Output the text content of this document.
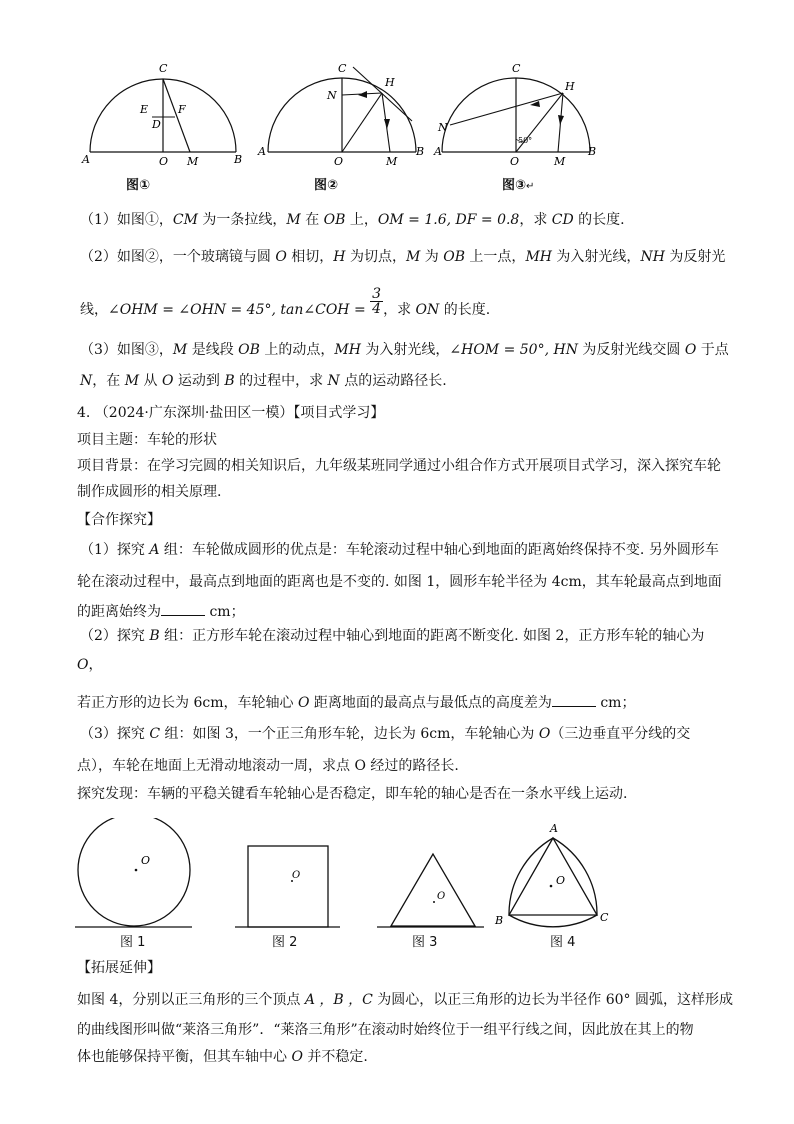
C
E	F
D
A	O M	B
C
H
N
A
O	M
B
50°
C
H
N
A
O	M
B
图①	图②	图③↵
（1）如图①，CM 为一条拉线，M 在 OB 上，OM = 1.6, DF = 0.8，求 CD 的长度.
（2）如图②，一个玻璃镜与圆 O 相切，H 为切点，M 为 OB 上一点，MH 为入射光线，NH 为反射光
线，∠OHM = ∠OHN = 45°, tan∠COH = $\frac{3}{4}$ ，求 ON 的长度.
（3）如图③，M 是线段 OB 上的动点，MH 为入射光线，∠HOM = 50°, HN 为反射光线交圆 O 于点
N，在 M 从 O 运动到 B 的过程中，求 N 点的运动路径长.
4. （2024·广东深圳·盐田区一模）【项目式学习】
项目主题：车轮的形状
项目背景：在学习完圆的相关知识后，九年级某班同学通过小组合作方式开展项目式学习，深入探究车轮
制作成圆形的相关原理.
【合作探究】
（1）探究 A 组：车轮做成圆形的优点是：车轮滚动过程中轴心到地面的距离始终保持不变. 另外圆形车
轮在滚动过程中，最高点到地面的距离也是不变的. 如图 1，圆形车轮半径为 4cm，其车轮最高点到地面
的距离始终为	cm；
（2）探究 B 组：正方形车轮在滚动过程中轴心到地面的距离不断变化. 如图 2，正方形车轮的轴心为
O，
若正方形的边长为 6cm，车轮轴心 O 距离地面的最高点与最低点的高度差为	cm；
（3）探究 C 组：如图 3，一个正三角形车轮，边长为 6cm，车轮轴心为 O（三边垂直平分线的交
点），车轮在地面上无滑动地滚动一周，求点 O 经过的路径长.
探究发现：车辆的平稳关键看车轮轴心是否稳定，即车轮的轴心是否在一条水平线上运动.
O
O
O
O
A
B	C
图 1	图 2	图 3	图 4
【拓展延伸】
如图 4，分别以正三角形的三个顶点 A ，B ，C 为圆心，以正三角形的边长为半径作 60° 圆弧，这样形成
的曲线图形叫做“莱洛三角形”．“莱洛三角形”在滚动时始终位于一组平行线之间，因此放在其上的物
体也能够保持平衡，但其车轴中心 O 并不稳定.
